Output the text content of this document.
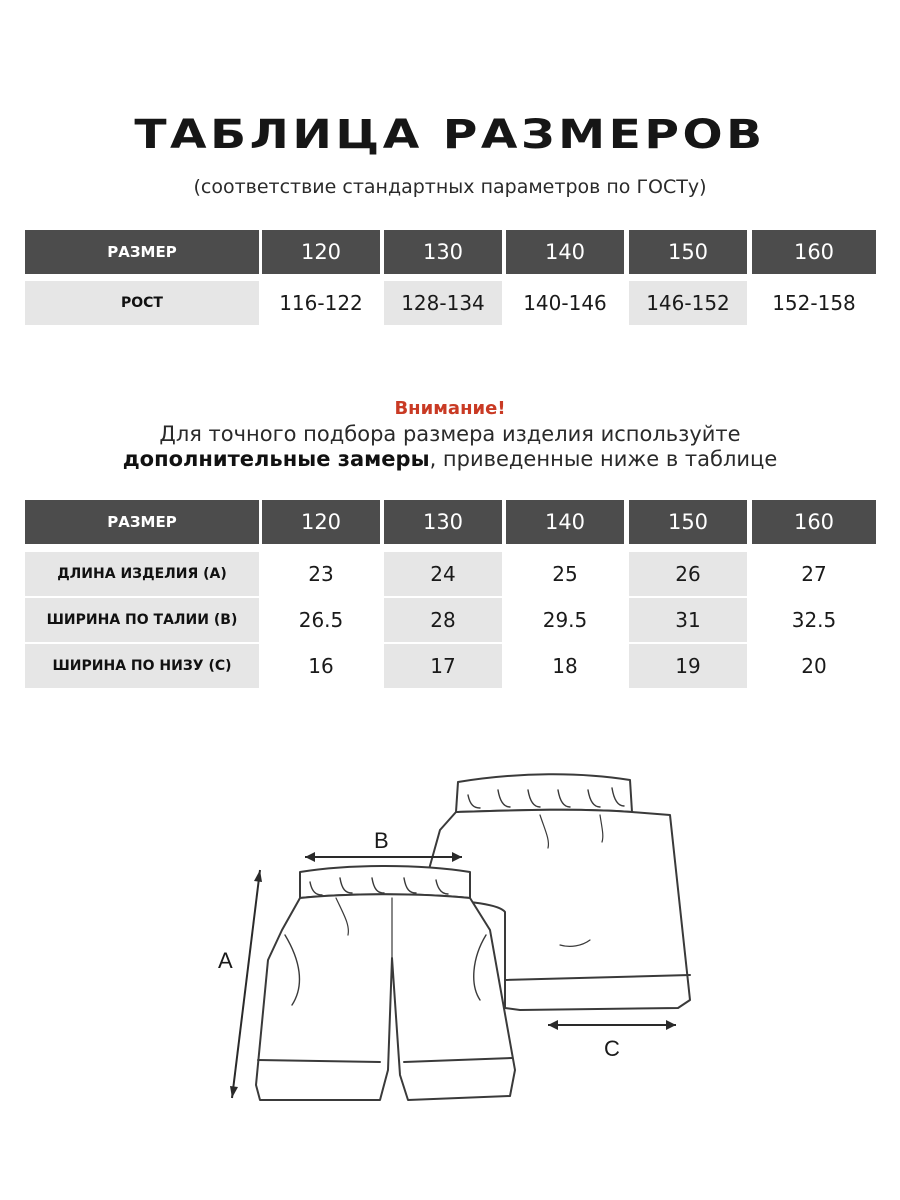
ТАБЛИЦА РАЗМЕРОВ
(соответствие стандартных параметров по ГОСТу)
РАЗМЕР	120	130	140	150	160
РОСТ	116-122	128-134	140-146	146-152	152-158
Внимание!
Для точного подбора размера изделия используйте
дополнительные замеры, приведенные ниже в таблице
РАЗМЕР	120	130	140	150	160
ДЛИНА ИЗДЕЛИЯ (A)	23	24	25	26	27
ШИРИНА ПО ТАЛИИ (B)	26.5	28	29.5	31	32.5
ШИРИНА ПО НИЗУ (C)	16	17	18	19	20
B
A
C
